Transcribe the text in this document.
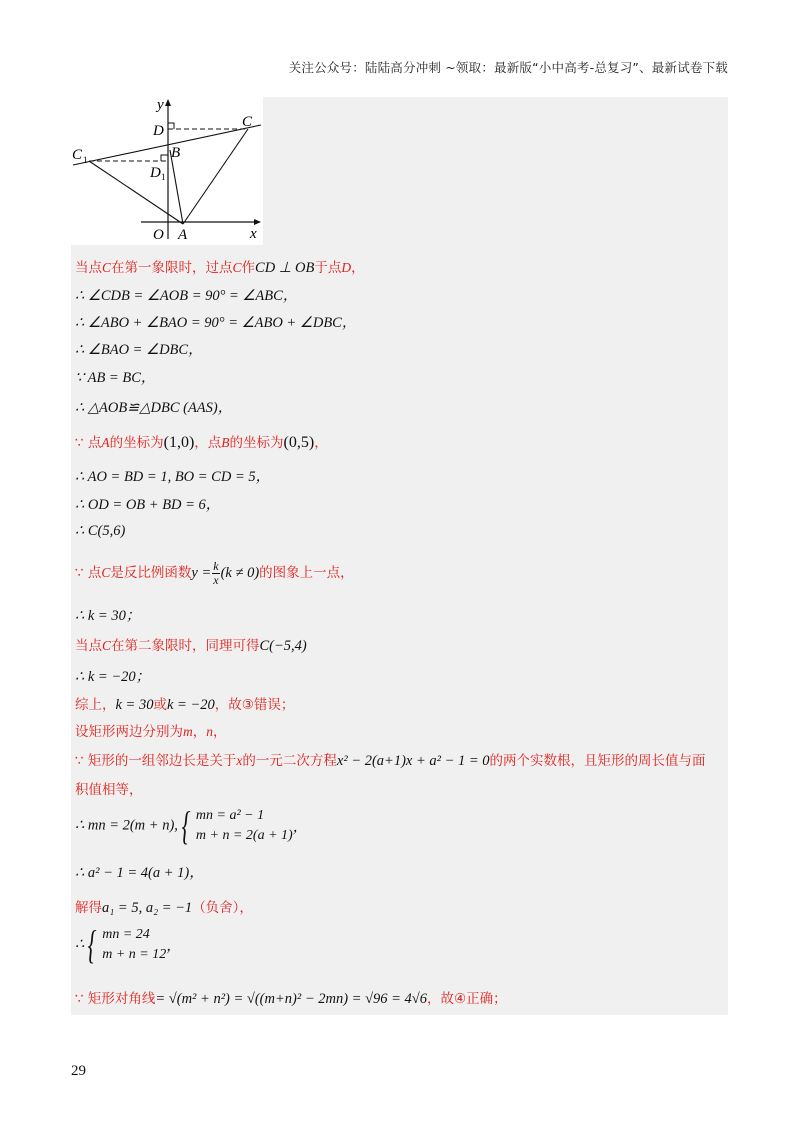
关注公众号：陆陆高分冲刺 ~领取：最新版“小中高考-总复习”、最新试卷下载
y
D
C
C 1	B
D 1
O A	x
当点C在第一象限时，过点C作CD ⊥ OB于点D，
∴ ∠CDB = ∠AOB = 90° = ∠ABC，
∴ ∠ABO + ∠BAO = 90° = ∠ABO + ∠DBC，
∴ ∠BAO = ∠DBC，
∵ AB = BC，
∴ △AOB≌△DBC (AAS)，
∵ 点A的坐标为(1,0)，点B的坐标为(0,5)，
∴ AO = BD = 1, BO = CD = 5，
∴ OD = OB + BD = 6，
∴ C(5,6)
∵ 点C是反比例函数$y = \frac{k}{x} (k \ne 0)$的图象上一点，
∴ k = 30；
当点C在第二象限时，同理可得C(−5,4)
∴ k = −20；
综上，k = 30或k = −20，故③错误；
设矩形两边分别为m，n，
∵ 矩形的一组邻边长是关于x的一元二次方程x² − 2(a+1)x + a² − 1 = 0的两个实数根，且矩形的周长值与面
积值相等，
∴ mn = 2(m + n), { mn = a² − 1
m + n = 2(a + 1) ，
∴ a² − 1 = 4(a + 1)，
解得a₁ = 5, a₂ = −1（负舍），
∴ { mn = 24
m + n = 12 ，
∵ 矩形对角线= √(m² + n²) = √((m+n)² − 2mn) = √96 = 4√6，故④正确；
29
